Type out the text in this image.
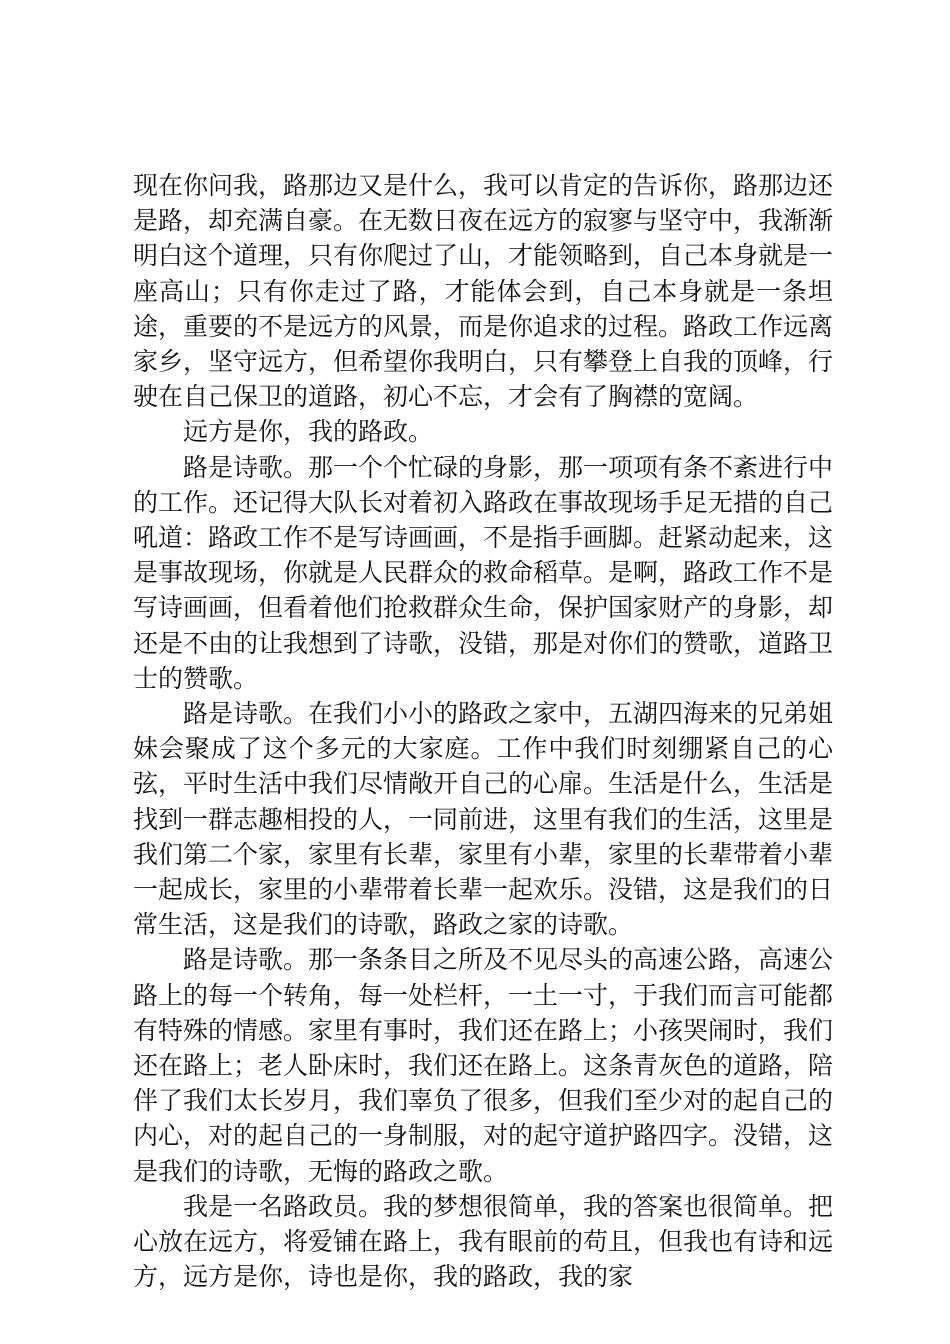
现在你问我，路那边又是什么，我可以肯定的告诉你，路那边还是路，却充满自豪。在无数日夜在远方的寂寥与坚守中，我渐渐明白这个道理，只有你爬过了山，才能领略到，自己本身就是一座高山；只有你走过了路，才能体会到，自己本身就是一条坦途，重要的不是远方的风景，而是你追求的过程。路政工作远离家乡，坚守远方，但希望你我明白，只有攀登上自我的顶峰，行驶在自己保卫的道路，初心不忘，才会有了胸襟的宽阔。

远方是你，我的路政。

路是诗歌。那一个个忙碌的身影，那一项项有条不紊进行中的工作。还记得大队长对着初入路政在事故现场手足无措的自己吼道：路政工作不是写诗画画，不是指手画脚。赶紧动起来，这是事故现场，你就是人民群众的救命稻草。是啊，路政工作不是写诗画画，但看着他们抢救群众生命，保护国家财产的身影，却还是不由的让我想到了诗歌，没错，那是对你们的赞歌，道路卫士的赞歌。

路是诗歌。在我们小小的路政之家中，五湖四海来的兄弟姐妹会聚成了这个多元的大家庭。工作中我们时刻绷紧自己的心弦，平时生活中我们尽情敞开自己的心扉。生活是什么，生活是找到一群志趣相投的人，一同前进，这里有我们的生活，这里是我们第二个家，家里有长辈，家里有小辈，家里的长辈带着小辈一起成长，家里的小辈带着长辈一起欢乐。没错，这是我们的日常生活，这是我们的诗歌，路政之家的诗歌。

路是诗歌。那一条条目之所及不见尽头的高速公路，高速公路上的每一个转角，每一处栏杆，一土一寸，于我们而言可能都有特殊的情感。家里有事时，我们还在路上；小孩哭闹时，我们还在路上；老人卧床时，我们还在路上。这条青灰色的道路，陪伴了我们太长岁月，我们辜负了很多，但我们至少对的起自己的内心，对的起自己的一身制服，对的起守道护路四字。没错，这是我们的诗歌，无悔的路政之歌。

我是一名路政员。我的梦想很简单，我的答案也很简单。把心放在远方，将爱铺在路上，我有眼前的苟且，但我也有诗和远方，远方是你，诗也是你，我的路政，我的家
